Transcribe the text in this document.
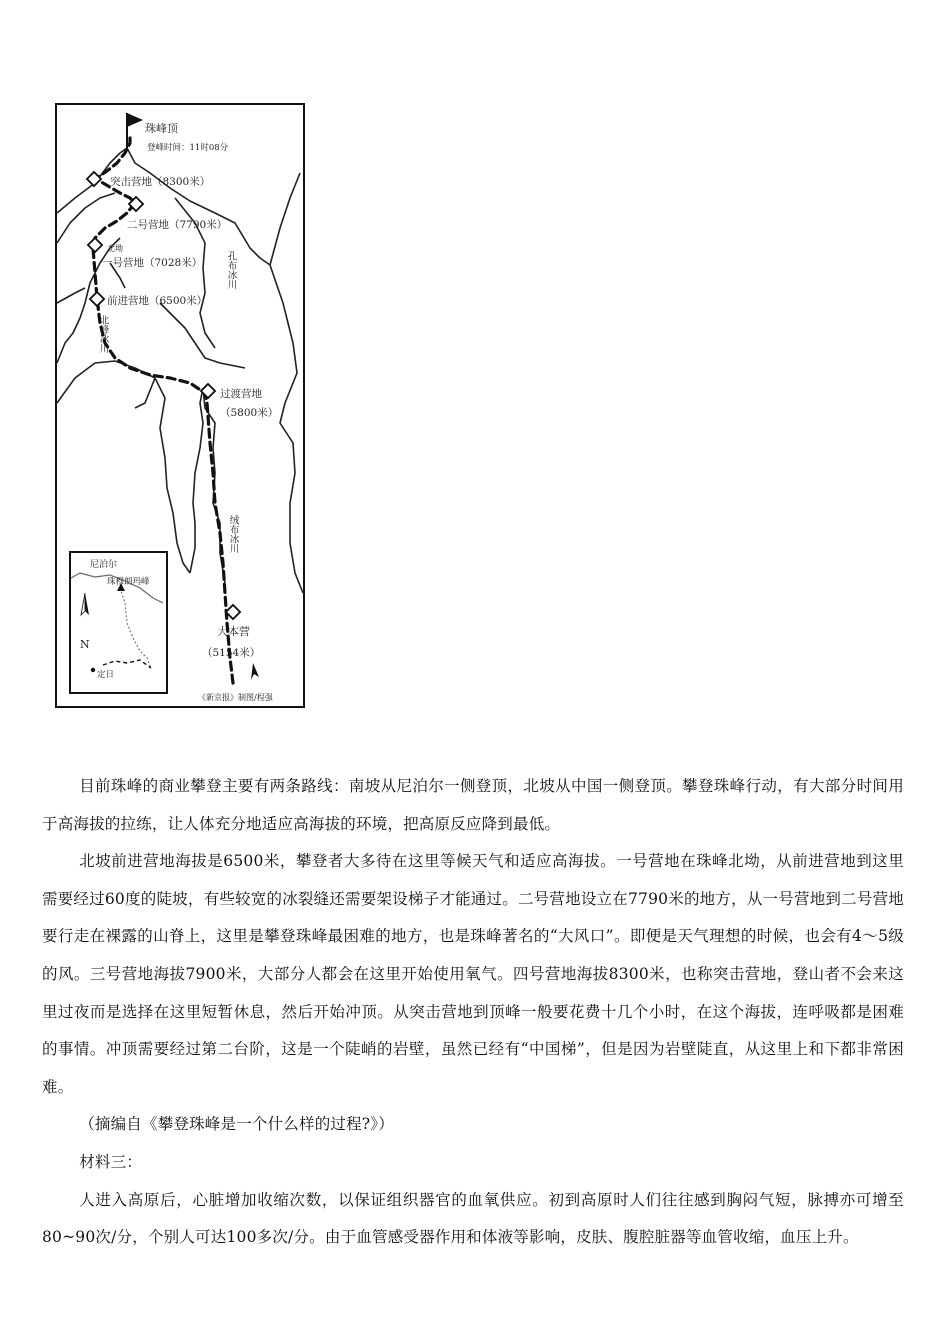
珠峰顶
登峰时间：11时08分
突击营地（8300米）
二号营地（7790米）
北坳
一号营地（7028米）
前进营地（6500米）
过渡营地
（5800米）
大本营
（5154米）
孔布冰川
北峰冰川
绒布冰川
尼泊尔
珠穆朗玛峰
N
定日
《新京报》制图/程强

目前珠峰的商业攀登主要有两条路线：南坡从尼泊尔一侧登顶，北坡从中国一侧登顶。攀登珠峰行动，有大部分时间用于高海拔的拉练，让人体充分地适应高海拔的环境，把高原反应降到最低。

北坡前进营地海拔是6500米，攀登者大多待在这里等候天气和适应高海拔。一号营地在珠峰北坳，从前进营地到这里需要经过60度的陡坡，有些较宽的冰裂缝还需要架设梯子才能通过。二号营地设立在7790米的地方，从一号营地到二号营地要行走在裸露的山脊上，这里是攀登珠峰最困难的地方，也是珠峰著名的“大风口”。即便是天气理想的时候，也会有4～5级的风。三号营地海拔7900米，大部分人都会在这里开始使用氧气。四号营地海拔8300米，也称突击营地，登山者不会来这里过夜而是选择在这里短暂休息，然后开始冲顶。从突击营地到顶峰一般要花费十几个小时，在这个海拔，连呼吸都是困难的事情。冲顶需要经过第二台阶，这是一个陡峭的岩壁，虽然已经有“中国梯”，但是因为岩壁陡直，从这里上和下都非常困难。

（摘编自《攀登珠峰是一个什么样的过程?》）

材料三：

人进入高原后，心脏增加收缩次数，以保证组织器官的血氧供应。初到高原时人们往往感到胸闷气短，脉搏亦可增至80~90次/分，个别人可达100多次/分。由于血管感受器作用和体液等影响，皮肤、腹腔脏器等血管收缩，血压上升。
